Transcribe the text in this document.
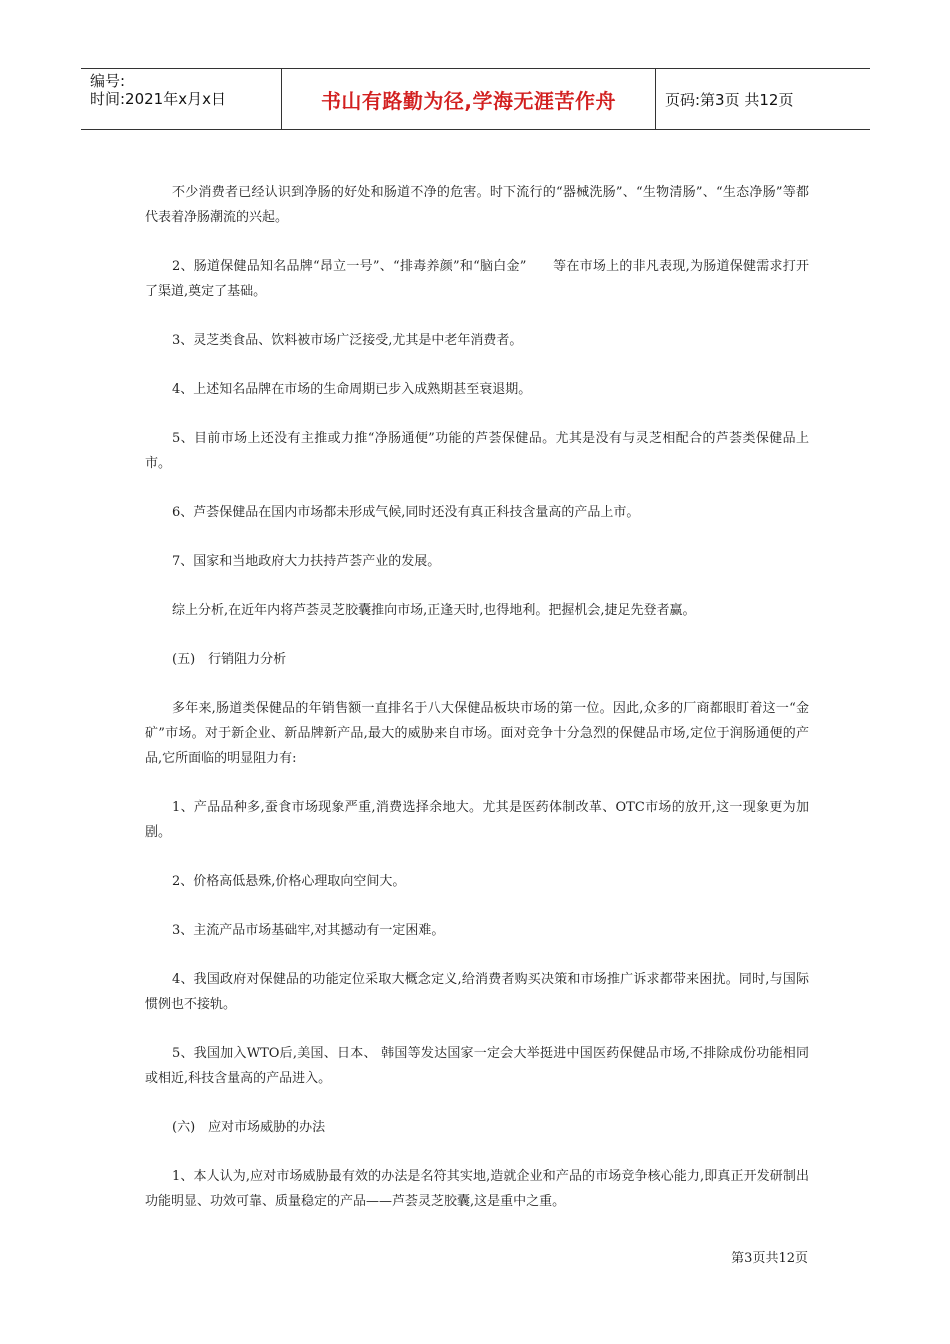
编号:
时间:2021年x月x日	书山有路勤为径,学海无涯苦作舟	页码:第3页 共12页

不少消费者已经认识到净肠的好处和肠道不净的危害。时下流行的“器械洗肠”、“生物清肠”、“生态净肠”等都代表着净肠潮流的兴起。

2、肠道保健品知名品牌“昂立一号”、“排毒养颜”和“脑白金”　　等在市场上的非凡表现,为肠道保健需求打开了渠道,奠定了基础。

3、灵芝类食品、饮料被市场广泛接受,尤其是中老年消费者。

4、上述知名品牌在市场的生命周期已步入成熟期甚至衰退期。

5、目前市场上还没有主推或力推“净肠通便”功能的芦荟保健品。尤其是没有与灵芝相配合的芦荟类保健品上市。

6、芦荟保健品在国内市场都未形成气候,同时还没有真正科技含量高的产品上市。

7、国家和当地政府大力扶持芦荟产业的发展。

综上分析,在近年内将芦荟灵芝胶囊推向市场,正逢天时,也得地利。把握机会,捷足先登者赢。

(五)　行销阻力分析

多年来,肠道类保健品的年销售额一直排名于八大保健品板块市场的第一位。因此,众多的厂商都眼盯着这一“金矿”市场。对于新企业、新品牌新产品,最大的威胁来自市场。面对竞争十分急烈的保健品市场,定位于润肠通便的产品,它所面临的明显阻力有:

1、产品品种多,蚕食市场现象严重,消费选择余地大。尤其是医药体制改革、OTC市场的放开,这一现象更为加剧。

2、价格高低悬殊,价格心理取向空间大。

3、主流产品市场基础牢,对其撼动有一定困难。

4、我国政府对保健品的功能定位采取大概念定义,给消费者购买决策和市场推广诉求都带来困扰。同时,与国际惯例也不接轨。

5、我国加入WTO后,美国、日本、 韩国等发达国家一定会大举挺进中国医药保健品市场,不排除成份功能相同或相近,科技含量高的产品进入。

(六)　应对市场威胁的办法

1、本人认为,应对市场威胁最有效的办法是名符其实地,造就企业和产品的市场竞争核心能力,即真正开发研制出功能明显、功效可靠、质量稳定的产品——芦荟灵芝胶囊,这是重中之重。

第3页共12页
